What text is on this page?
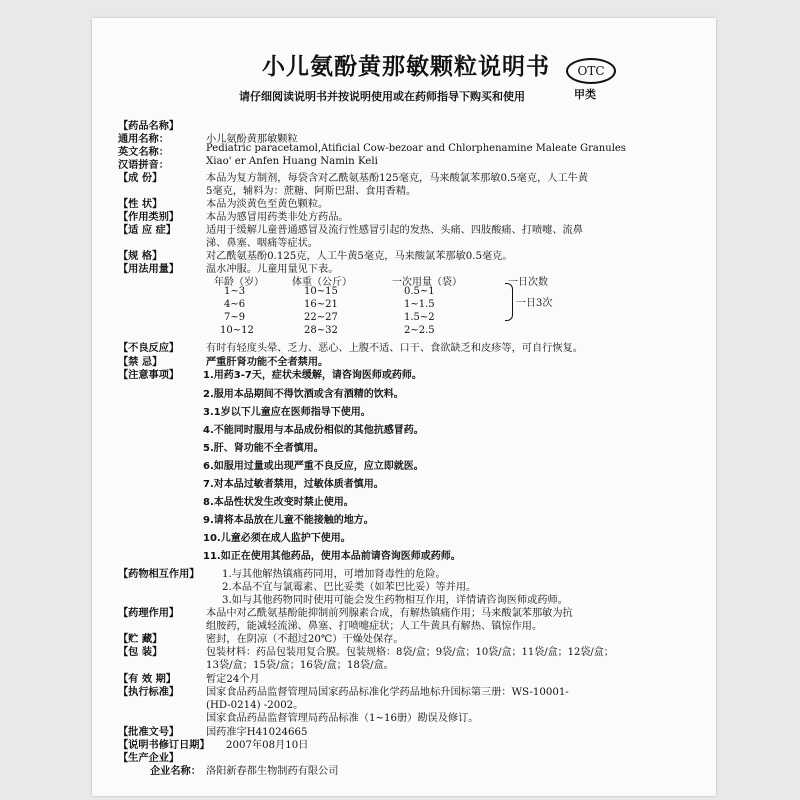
小儿氨酚黄那敏颗粒说明书	OTC
甲类
请仔细阅读说明书并按说明使用或在药师指导下购买和使用
【药品名称】
通用名称：	小儿氨酚黄那敏颗粒
英文名称：	Pediatric paracetamol,Atificial Cow-bezoar and Chlorphenamine Maleate Granules
汉语拼音：	Xiao' er Anfen Huang Namin Keli
【成 份】	本品为复方制剂，每袋含对乙酰氨基酚125毫克，马来酸氯苯那敏0.5毫克，人工牛黄
5毫克，辅料为：蔗糖、阿斯巴甜、食用香精。
【性 状】	本品为淡黄色至黄色颗粒。
【作用类别】	本品为感冒用药类非处方药品。
【适 应 症】	适用于缓解儿童普通感冒及流行性感冒引起的发热、头痛、四肢酸痛、打喷嚏、流鼻
涕、鼻塞、咽痛等症状。
【规 格】	对乙酰氨基酚0.125克，人工牛黄5毫克，马来酸氯苯那敏0.5毫克。
【用法用量】	温水冲服。儿童用量见下表。
年龄（岁）	体重（公斤）	一次用量（袋）	一日次数
1~3	10~15	0.5~1
4~6	16~21	1~1.5
7~9	22~27	1.5~2
10~12	28~32	2~2.5
一日3次
【不良反应】	有时有轻度头晕、乏力、恶心、上腹不适、口干、食欲缺乏和皮疹等，可自行恢复。
【禁 忌】	严重肝肾功能不全者禁用。
【注意事项】 1.用药3-7天，症状未缓解，请咨询医师或药师。
2.服用本品期间不得饮酒或含有酒精的饮料。
3.1岁以下儿童应在医师指导下使用。
4.不能同时服用与本品成份相似的其他抗感冒药。
5.肝、肾功能不全者慎用。
6.如服用过量或出现严重不良反应，应立即就医。
7.对本品过敏者禁用，过敏体质者慎用。
8.本品性状发生改变时禁止使用。
9.请将本品放在儿童不能接触的地方。
10.儿童必须在成人监护下使用。
11.如正在使用其他药品，使用本品前请咨询医师或药师。
【药物相互作用】 1.与其他解热镇痛药同用，可增加肾毒性的危险。
2.本品不宜与氯霉素、巴比妥类（如苯巴比妥）等并用。
3.如与其他药物同时使用可能会发生药物相互作用，详情请咨询医师或药师。
【药理作用】	本品中对乙酰氨基酚能抑制前列腺素合成，有解热镇痛作用；马来酸氯苯那敏为抗
组胺药，能减轻流涕、鼻塞、打喷嚏症状；人工牛黄具有解热、镇惊作用。
【贮 藏】	密封，在阴凉（不超过20℃）干燥处保存。
【包 装】	包装材料：药品包装用复合膜。包装规格：8袋/盒；9袋/盒；10袋/盒；11袋/盒；12袋/盒；
13袋/盒；15袋/盒；16袋/盒；18袋/盒。
【有 效 期】	暂定24个月
【执行标准】	国家食品药品监督管理局国家药品标准化学药品地标升国标第三册：WS-10001-
(HD-0214) -2002。
国家食品药品监督管理局药品标准（1~16册）勘误及修订。
【批准文号】	国药准字H41024665
【说明书修订日期】 2007年08月10日
【生产企业】
企业名称： 洛阳新春都生物制药有限公司
